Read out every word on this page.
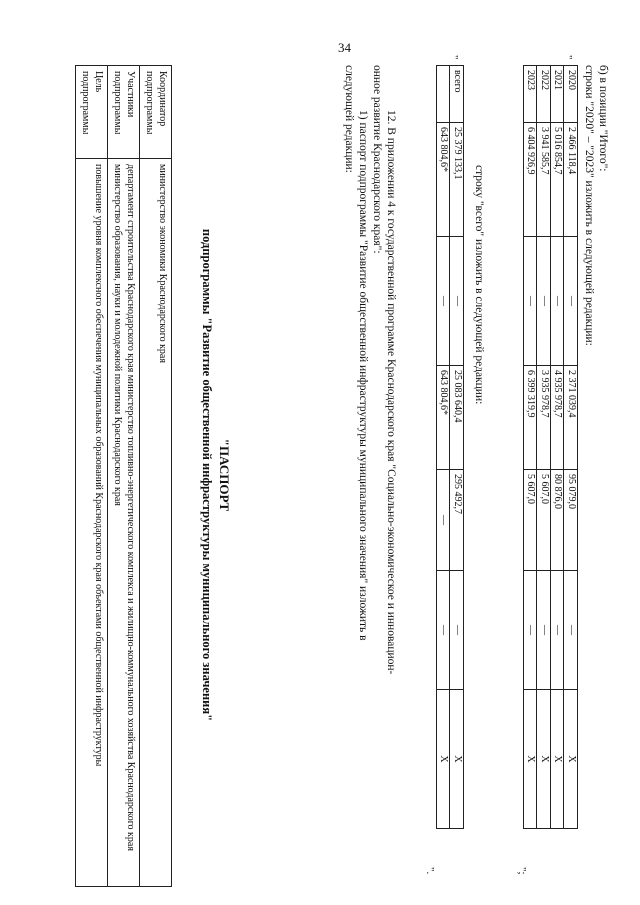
34
б) в позиции "Итого":
строки "2020" – "2023" изложить в следующей редакции:
"
2020	2 466 118,4	—	2 371 039,4	95 079,0	—	X
2021	5 016 854,7	—	4 935 978,7	80 876,0	—	X
2022	3 941 585,7	—	3 935 978,7	5 607,0	—	X
2023	6 404 926,9	—	6 399 319,9	5 607,0	—	X
";
строку "всего" изложить в следующей редакции:
"
всего	25 379 133,1	—	25 083 640,4	295 492,7	—	X
	643 804,6*	—	643 804,6*	—	—	X
".
12. В приложении 4 к государственной программе Краснодарского края "Социально-экономическое и инновацион-
онное развитие Краснодарского края":
1) паспорт подпрограммы "Развитие общественной инфраструктуры муниципального значения" изложить в
следующей редакции:
"ПАСПОРТ
подпрограммы "Развитие общественной инфраструктуры муниципального значения"
Координатор подпрограммы	министерство экономики Краснодарского края
Участники подпрограммы	департамент строительства Краснодарского края министерство топливно-энергетического комплекса и жилищно-коммунального хозяйства Краснодарского края министерство образования, науки и молодежной политики Краснодарского края
Цель подпрограммы	повышение уровня комплексного обеспечения муниципальных образований Краснодарского края объектами общественной инфраструктуры
